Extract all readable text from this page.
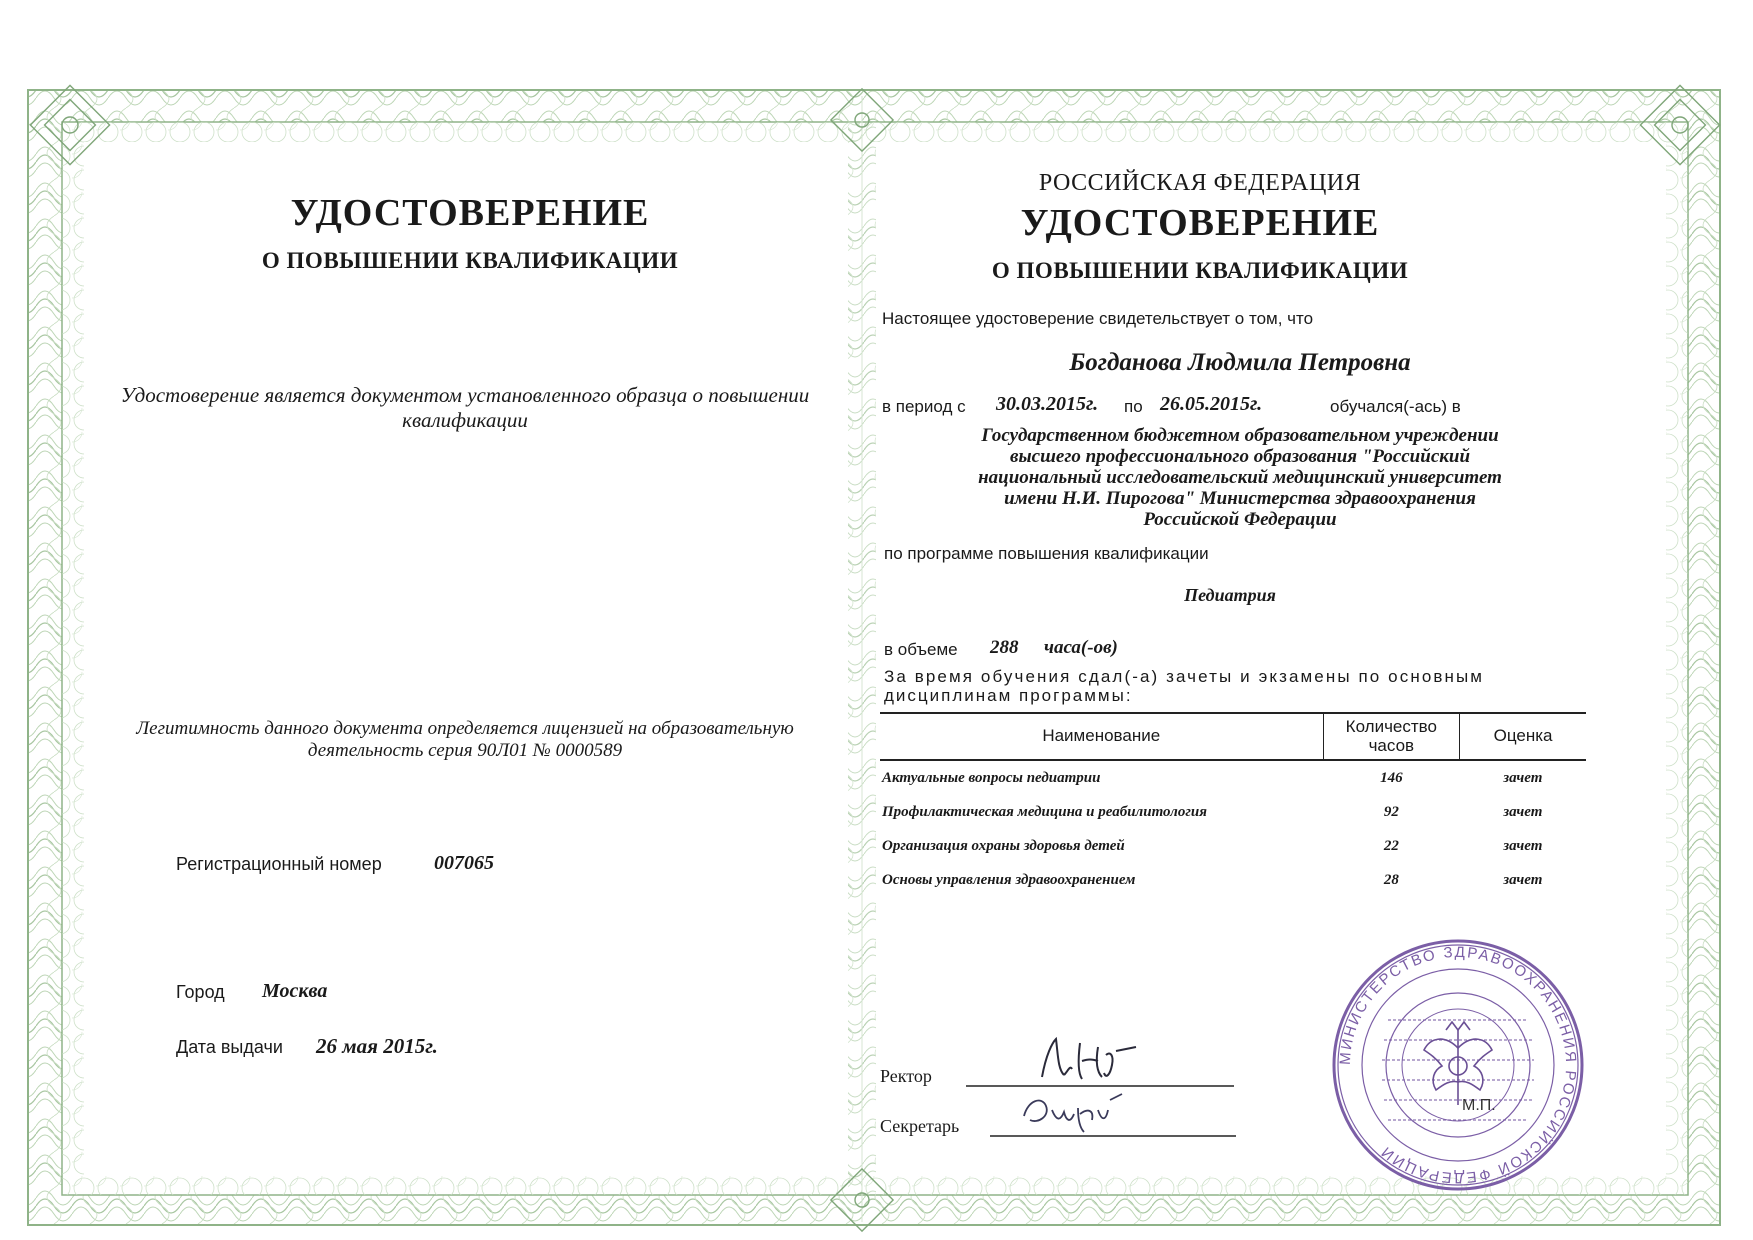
УДОСТОВЕРЕНИЕ
О ПОВЫШЕНИИ КВАЛИФИКАЦИИ
Удостоверение является документом установленного образца о повышении квалификации
Легитимность данного документа определяется лицензией на образовательную деятельность серия 90Л01 № 0000589
Регистрационный номер	007065
Город Москва
Дата выдачи 26 мая 2015г.
РОССИЙСКАЯ ФЕДЕРАЦИЯ
УДОСТОВЕРЕНИЕ
О ПОВЫШЕНИИ КВАЛИФИКАЦИИ
Настоящее удостоверение свидетельствует о том, что
Богданова Людмила Петровна
в период с 30.03.2015г. по 26.05.2015г.	обучался(-ась) в
Государственном бюджетном образовательном учреждении
высшего профессионального образования "Российский
национальный исследовательский медицинский университет
имени Н.И. Пирогова" Министерства здравоохранения
Российской Федерации
по программе повышения квалификации
Педиатрия
в объеме 288 часа(-ов)
За время обучения сдал(-а) зачеты и экзамены по основным
дисциплинам программы:
Наименование	Количество часов	Оценка
Актуальные вопросы педиатрии	146	зачет
Профилактическая медицина и реабилитология	92	зачет
Организация охраны здоровья детей	22	зачет
Основы управления здравоохранением	28	зачет
Ректор
Секретарь
МИНИСТЕРСТВО ЗДРАВООХРАНЕНИЯ РОССИЙСКОЙ ФЕДЕРАЦИИ
М.П.
